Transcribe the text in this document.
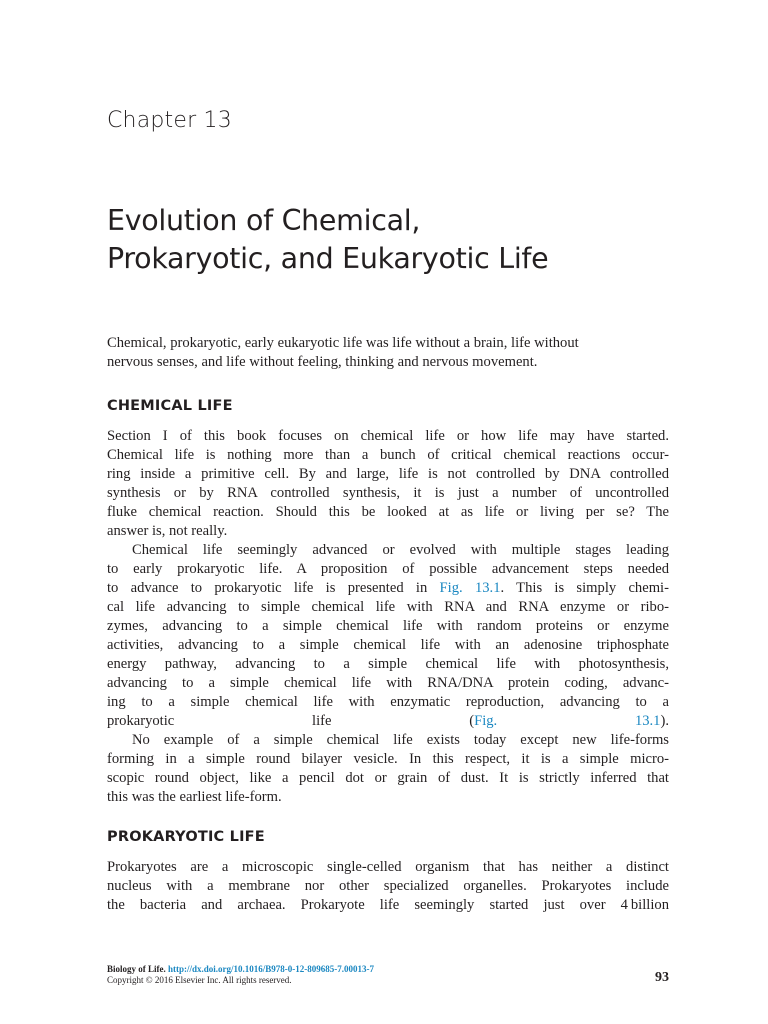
Chapter 13
Evolution of Chemical,
Prokaryotic, and Eukaryotic Life

Chemical, prokaryotic, early eukaryotic life was life without a brain, life without
nervous senses, and life without feeling, thinking and nervous movement.

CHEMICAL LIFE
Section I of this book focuses on chemical life or how life may have started.
Chemical life is nothing more than a bunch of critical chemical reactions occur-
ring inside a primitive cell. By and large, life is not controlled by DNA controlled
synthesis or by RNA controlled synthesis, it is just a number of uncontrolled
fluke chemical reaction. Should this be looked at as life or living per se? The
answer is, not really.
Chemical life seemingly advanced or evolved with multiple stages leading
to early prokaryotic life. A proposition of possible advancement steps needed
to advance to prokaryotic life is presented in Fig. 13.1. This is simply chemi-
cal life advancing to simple chemical life with RNA and RNA enzyme or ribo-
zymes, advancing to a simple chemical life with random proteins or enzyme
activities, advancing to a simple chemical life with an adenosine triphosphate
energy pathway, advancing to a simple chemical life with photosynthesis,
advancing to a simple chemical life with RNA/DNA protein coding, advanc-
ing to a simple chemical life with enzymatic reproduction, advancing to a
prokaryotic life (Fig. 13.1).
No example of a simple chemical life exists today except new life-forms
forming in a simple round bilayer vesicle. In this respect, it is a simple micro-
scopic round object, like a pencil dot or grain of dust. It is strictly inferred that
this was the earliest life-form.
PROKARYOTIC LIFE
Prokaryotes are a microscopic single-celled organism that has neither a distinct
nucleus with a membrane nor other specialized organelles. Prokaryotes include
the bacteria and archaea. Prokaryote life seemingly started just over 4 billion
Biology of Life. http://dx.doi.org/10.1016/B978-0-12-809685-7.00013-7
Copyright © 2016 Elsevier Inc. All rights reserved.	93
